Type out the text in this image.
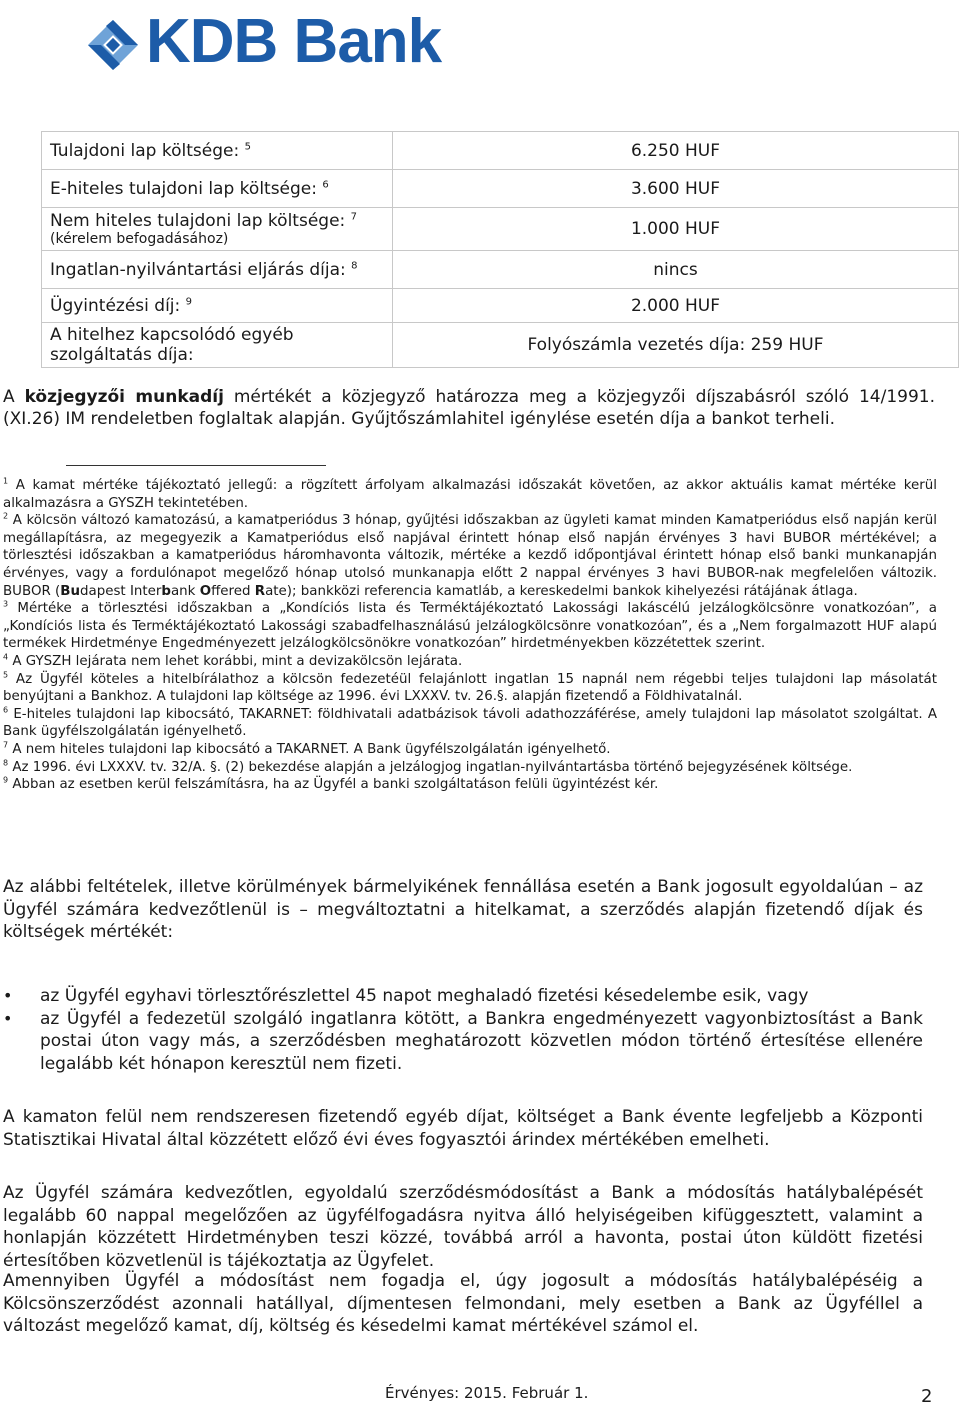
KDB Bank
Tulajdoni lap költsége: $^5$	6.250 HUF
E-hiteles tulajdoni lap költsége: $^6$	3.600 HUF
Nem hiteles tulajdoni lap költsége: $^7$
(kérelem befogadásához)	1.000 HUF
Ingatlan-nyilvántartási eljárás díja: $^8$	nincs
Ügyintézési díj: $^9$	2.000 HUF
A hitelhez kapcsolódó egyéb szolgáltatás díja:	Folyószámla vezetés díja: 259 HUF

A közjegyzői munkadíj mértékét a közjegyző határozza meg a közjegyzői díjszabásról szóló 14/1991. (XI.26) IM rendeletben foglaltak alapján. Gyűjtőszámlahitel igénylése esetén díja a bankot terheli.

$^1$ A kamat mértéke tájékoztató jellegű: a rögzített árfolyam alkalmazási időszakát követően, az akkor aktuális kamat mértéke kerül alkalmazásra a GYSZH tekintetében.

$^2$ A kölcsön változó kamatozású, a kamatperiódus 3 hónap, gyűjtési időszakban az ügyleti kamat minden Kamatperiódus első napján kerül megállapításra, az megegyezik a Kamatperiódus első napjával érintett hónap első napján érvényes 3 havi BUBOR mértékével; a törlesztési időszakban a kamatperiódus háromhavonta változik, mértéke a kezdő időpontjával érintett hónap első banki munkanapján érvényes, vagy a fordulónapot megelőző hónap utolsó munkanapja előtt 2 nappal érvényes 3 havi BUBOR-nak megfelelően változik. BUBOR (Budapest Interbank Offered Rate); bankközi referencia kamatláb, a kereskedelmi bankok kihelyezési rátájának átlaga.

$^3$ Mértéke a törlesztési időszakban a „Kondíciós lista és Terméktájékoztató Lakossági lakáscélú jelzálogkölcsönre vonatkozóan”, a „Kondíciós lista és Terméktájékoztató Lakossági szabadfelhasználású jelzálogkölcsönre vonatkozóan”, és a „Nem forgalmazott HUF alapú termékek Hirdetménye Engedményezett jelzálogkölcsönökre vonatkozóan” hirdetményekben közzétettek szerint.

$^4$ A GYSZH lejárata nem lehet korábbi, mint a devizakölcsön lejárata.

$^5$ Az Ügyfél köteles a hitelbírálathoz a kölcsön fedezetéül felajánlott ingatlan 15 napnál nem régebbi teljes tulajdoni lap másolatát benyújtani a Bankhoz. A tulajdoni lap költsége az 1996. évi LXXXV. tv. 26.§. alapján fizetendő a Földhivatalnál.

$^6$ E-hiteles tulajdoni lap kibocsátó, TAKARNET: földhivatali adatbázisok távoli adathozzáférése, amely tulajdoni lap másolatot szolgáltat. A Bank ügyfélszolgálatán igényelhető.

$^7$ A nem hiteles tulajdoni lap kibocsátó a TAKARNET. A Bank ügyfélszolgálatán igényelhető.

$^8$ Az 1996. évi LXXXV. tv. 32/A. §. (2) bekezdése alapján a jelzálogjog ingatlan-nyilvántartásba történő bejegyzésének költsége.

$^9$ Abban az esetben kerül felszámításra, ha az Ügyfél a banki szolgáltatáson felüli ügyintézést kér.

Az alábbi feltételek, illetve körülmények bármelyikének fennállása esetén a Bank jogosult egyoldalúan – az Ügyfél számára kedvezőtlenül is – megváltoztatni a hitelkamat, a szerződés alapján fizetendő díjak és költségek mértékét:

• az Ügyfél egyhavi törlesztőrészlettel 45 napot meghaladó fizetési késedelembe esik, vagy
• az Ügyfél a fedezetül szolgáló ingatlanra kötött, a Bankra engedményezett vagyonbiztosítást a Bank postai úton vagy más, a szerződésben meghatározott közvetlen módon történő értesítése ellenére legalább két hónapon keresztül nem fizeti.

A kamaton felül nem rendszeresen fizetendő egyéb díjat, költséget a Bank évente legfeljebb a Központi Statisztikai Hivatal által közzétett előző évi éves fogyasztói árindex mértékében emelheti.

Az Ügyfél számára kedvezőtlen, egyoldalú szerződésmódosítást a Bank a módosítás hatálybalépését legalább 60 nappal megelőzően az ügyfélfogadásra nyitva álló helyiségeiben kifüggesztett, valamint a honlapján közzétett Hirdetményben teszi közzé, továbbá arról a havonta, postai úton küldött fizetési értesítőben közvetlenül is tájékoztatja az Ügyfelet.

Amennyiben Ügyfél a módosítást nem fogadja el, úgy jogosult a módosítás hatálybalépéséig a Kölcsönszerződést azonnali hatállyal, díjmentesen felmondani, mely esetben a Bank az Ügyféllel a változást megelőző kamat, díj, költség és késedelmi kamat mértékével számol el.

Érvényes: 2015. Február 1.	2
